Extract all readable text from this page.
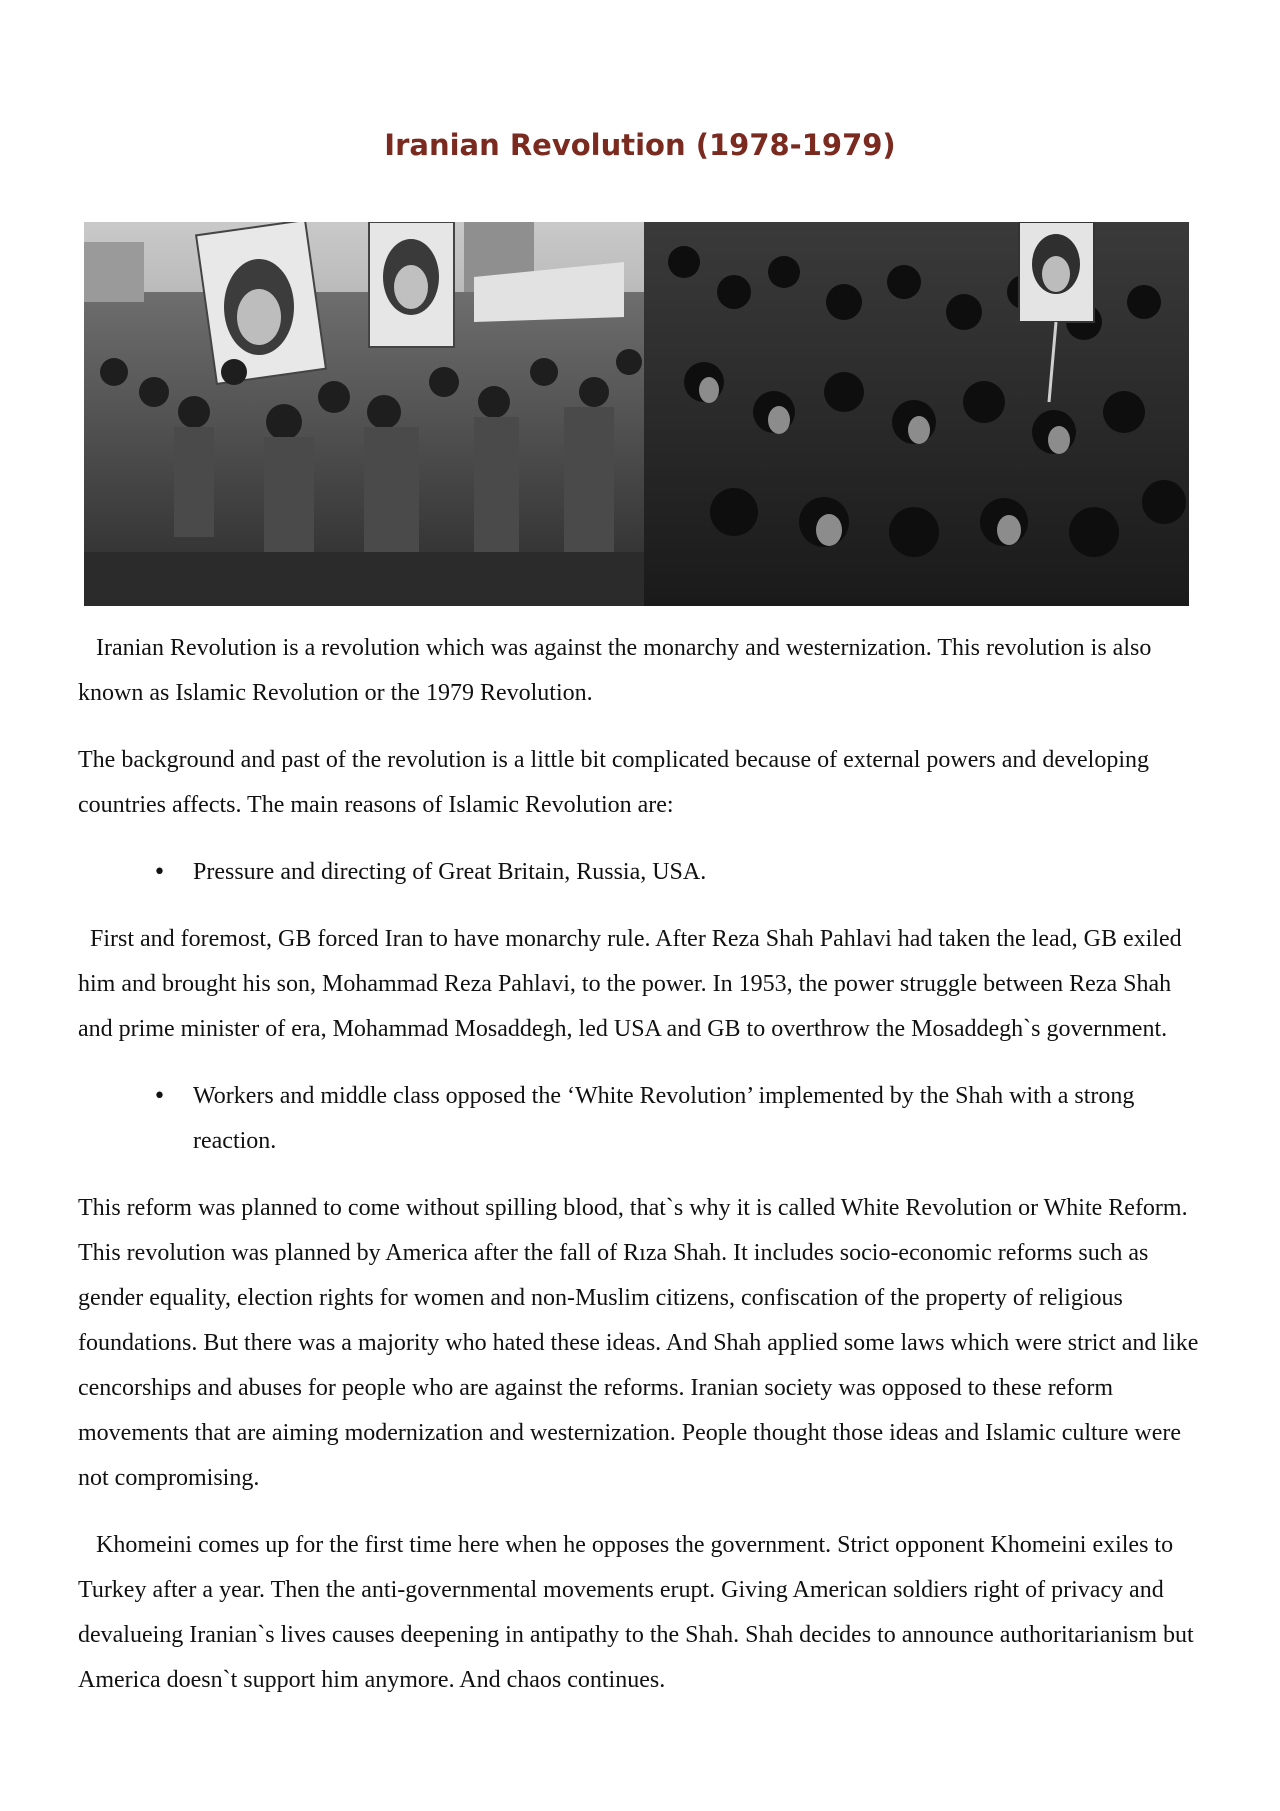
Iranian Revolution (1978-1979)

Iranian Revolution is a revolution which was against the monarchy and westernization. This revolution is also known as Islamic Revolution or the 1979 Revolution.

The background and past of the revolution is a little bit complicated because of external powers and developing countries affects. The main reasons of Islamic Revolution are:

• Pressure and directing of Great Britain, Russia, USA.

First and foremost, GB forced Iran to have monarchy rule. After Reza Shah Pahlavi had taken the lead, GB exiled him and brought his son, Mohammad Reza Pahlavi, to the power. In 1953, the power struggle between Reza Shah and prime minister of era, Mohammad Mosaddegh, led USA and GB to overthrow the Mosaddegh`s government.

• Workers and middle class opposed the ‘White Revolution’ implemented by the Shah with a strong reaction.

This reform was planned to come without spilling blood, that`s why it is called White Revolution or White Reform. This revolution was planned by America after the fall of Rıza Shah. It includes socio-economic reforms such as gender equality, election rights for women and non-Muslim citizens, confiscation of the property of religious foundations. But there was a majority who hated these ideas. And Shah applied some laws which were strict and like cencorships and abuses for people who are against the reforms. Iranian society was opposed to these reform movements that are aiming modernization and westernization. People thought those ideas and Islamic culture were not compromising.

Khomeini comes up for the first time here when he opposes the government. Strict opponent Khomeini exiles to Turkey after a year. Then the anti-governmental movements erupt. Giving American soldiers right of privacy and devalueing Iranian`s lives causes deepening in antipathy to the Shah. Shah decides to announce authoritarianism but America doesn`t support him anymore. And chaos continues.
